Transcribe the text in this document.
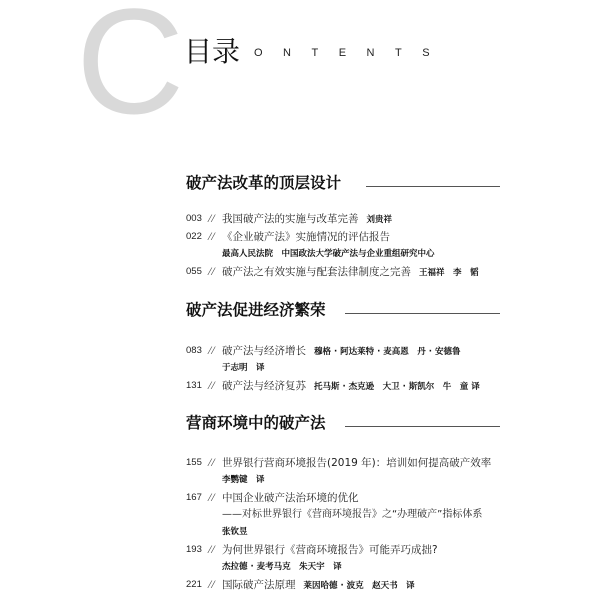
C 目录 ONTENTS
破产法改革的顶层设计
003 // 我国破产法的实施与改革完善 刘贵祥
022 // 《企业破产法》实施情况的评估报告
最高人民法院　中国政法大学破产法与企业重组研究中心
055 // 破产法之有效实施与配套法律制度之完善 王福祥　李　韬
破产法促进经济繁荣
083 // 破产法与经济增长 穆格 · 阿达莱特 · 麦高恩　丹 · 安德鲁
于志明　译
131 // 破产法与经济复苏 托马斯 · 杰克逊　大卫 · 斯凯尔　牛　童 译
营商环境中的破产法
155 // 世界银行营商环境报告(2019 年)：培训如何提高破产效率
李鹦键　译
167 // 中国企业破产法治环境的优化
——对标世界银行《营商环境报告》之“办理破产”指标体系
张钦昱
193 // 为何世界银行《营商环境报告》可能弄巧成拙?
杰拉德 · 麦考马克　朱天宇　译
221 // 国际破产法原理 莱因哈德 · 波克　赵天书　译
